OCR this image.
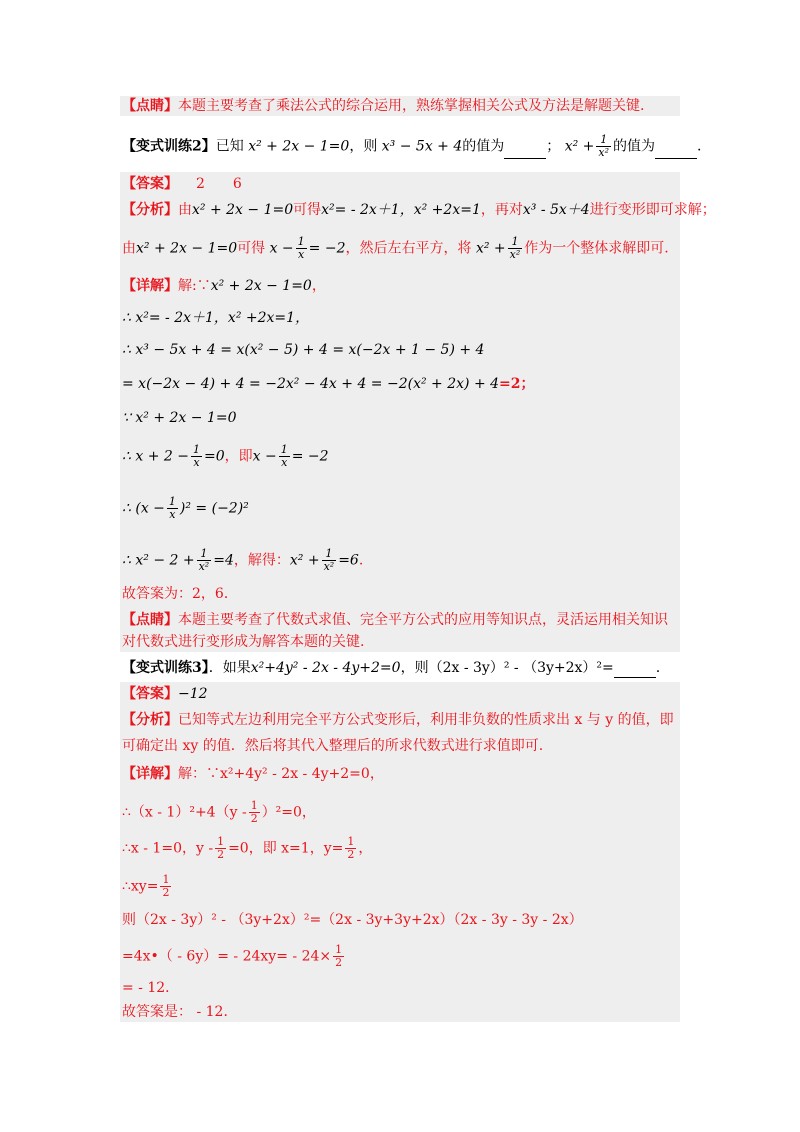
【点睛】本题主要考查了乘法公式的综合运用，熟练掌握相关公式及方法是解题关键.
【变式训练2】已知 x² + 2x − 1=0，则 x³ − 5x + 4的值为	； $x^2 + \frac{1}{\text{x²}}$ 的值为	.
【答案】 2　　6
【分析】由x² + 2x − 1=0可得x²= - 2x＋1，x² +2x=1，再对x³ - 5x＋4进行变形即可求解；
由x² + 2x − 1=0可得 $x - \frac{1}{x} = -2$，然后左右平方，将 $x^2 + \frac{1}{\text{x²}}$ 作为一个整体求解即可.
【详解】解:∵x² + 2x − 1=0，
∴ x²= - 2x＋1，x² +2x=1，
∴ x³ − 5x + 4 = x(x² − 5) + 4 = x(−2x + 1 − 5) + 4
= x(−2x − 4) + 4 = −2x² − 4x + 4 = −2(x² + 2x) + 4=2；
∵ x² + 2x − 1=0
∴ $x + 2 - \frac{1}{x} =0$，即$x - \frac{1}{x} = -2$
∴ $(x - \frac{1}{x} )^2 = (-2)^2$
∴ $x^2 - 2 + \frac{1}{\text{x²}} =4$，解得：$x^2 + \frac{1}{\text{x²}} =6$.
故答案为：2，6．
【点睛】本题主要考查了代数式求值、完全平方公式的应用等知识点，灵活运用相关知识
对代数式进行变形成为解答本题的关键.
【变式训练3】．如果x²+4y² - 2x - 4y+2=0，则（2x - 3y）² - （3y+2x）²=	.
【答案】−12
【分析】已知等式左边利用完全平方公式变形后，利用非负数的性质求出 x 与 y 的值，即
可确定出 xy 的值．然后将其代入整理后的所求代数式进行求值即可.
【详解】解：∵x²+4y² - 2x - 4y+2=0，
∴（x - $1)^2+4(y - \frac{1}{2} )^2=0$，
∴x - 1=0，$y - \frac{1}{2} =0$，即 x=1，$y= \frac{1}{2}$ ，
∴xy= $\frac{1}{2}$
则（2x - 3y）² - （3y+2x）²=（2x - 3y+3y+2x）（2x - 3y - 3y - 2x）
=4x•（ - $6y)= - 24xy= - 24\times \frac{1}{2}$
= - 12．
故答案是： - 12．
